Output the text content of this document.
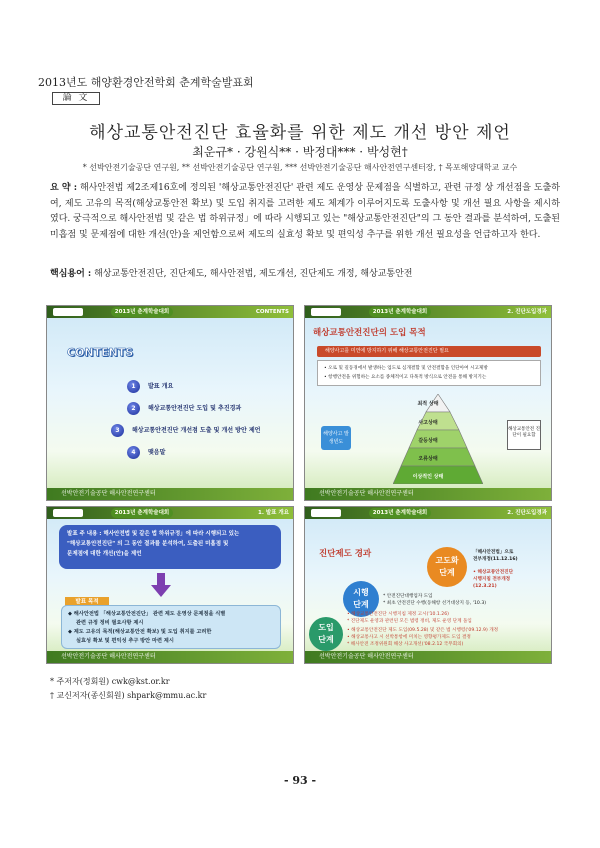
2013년도 해양환경안전학회 춘계학술발표회
論 文
해상교통안전진단 효율화를 위한 제도 개선 방안 제언
최운규* · 강원식** · 박정대*** · 박성현†
* 선박안전기술공단 연구원, ** 선박안전기술공단 연구원, *** 선박안전기술공단 해사안전연구센터장, † 목포해양대학교 교수
요 약 : 해사안전법 제2조제16호에 정의된 '해상교통안전진단' 관련 제도 운영상 문제점을 식별하고, 관련 규정 상 개선점을 도출하여, 제도 고유의 목적(해상교통안전 확보) 및 도입 취지를 고려한 제도 체계가 이루어지도록 도출사항 및 개선 필요 사항을 제시하였다. 궁극적으로 해사안전법 및 같은 법 하위규정」에 따라 시행되고 있는 "해상교통안전진단"의 그 동안 결과를 분석하여, 도출된 미흡점 및 문제점에 대한 개선(안)을 제언함으로써 제도의 실효성 확보 및 편익성 추구를 위한 개선 필요성을 언급하고자 한다.
핵심용어 : 해상교통안전진단, 진단제도, 해사안전법, 제도개선, 진단제도 개정, 해상교통안전
2013년 춘계학술대회	CONTENTS
CONTENTS
1 발표 개요
2 해상교통안전진단 도입 및 추진경과
3 해상교통안전진단 개선점 도출 및 개선 방안 제언
4 맺음말
선박안전기술공단 해사안전연구센터
2013년 춘계학술대회	2. 진단도입경과
해상교통안전진단의 도입 목적
해양사고를 미연에 방지하기 위해 해상교통안전진단 필요
• 오로 및 길동경에서 발생하는 업도로 심개결함 및 안전결함을 인단아여 시고제방
• 항행안전을 위험하는 요소를 종체적이고 다목적 방식으로 안전을 통해 방지기는
최적 상태
사고상태
갈등상태
오류상태
이상적인 상태
해양사고 발생빈도
해상교통안전 진단이 필요함
선박안전기술공단 해사안전연구센터
2013년 춘계학술대회	1. 발표 개요
발표 주 내용 : 해사안전법 및 같은 법 하위규정」에 따라 시행되고 있는
"해상교통안전진단" 의 그 동안 결과를 분석하여, 도출된 미흡점 및
문제점에 대한 개선(안)을 제언
발표 목적
◆ 해사안전법 「해상교통안전진단」 관련 제도 운영상 문제점을 식별
관련 규정 정비 필요사항 제시
◆ 제도 고유의 목적(해상교통안전 확보) 및 도입 취지를 고려한
실효성 확보 및 편익성 추구 방안 마련 제시
선박안전기술공단 해사안전연구센터
2013년 춘계학술대회	2. 진단도입경과
진단제도 경과
고도화
단계
시행
단계
도입
단계
「해사안전법」으로
전부개정(11.12.16)
• 해상교통안전진단
시행지침 전부개정
(12.3.21)
* 안전진단대행업자 도입
* 최초 안전진단 수행(동해항 선거대상지 등, '10.3)
• 해상교통안전진단 시행지침 제정 고시('10.1.26)
* 진단제도 운영과 관련된 모든 법령 정비, 제도 운영 단계 돌입
• 해상교통안전진단 제도 도입(09.5.28) 및 같은 법 시행령('09.12.9) 개정
• 해상교통사고 시 선박통항에 미치는 영향평가제도 도입 결정
* 해사안전 조정위원회 해상 사고개선('08.2.12 국무회의)
선박안전기술공단 해사안전연구센터
* 주저자(정회원) cwk@kst.or.kr
† 교신저자(종신회원) shpark@mmu.ac.kr
- 93 -
